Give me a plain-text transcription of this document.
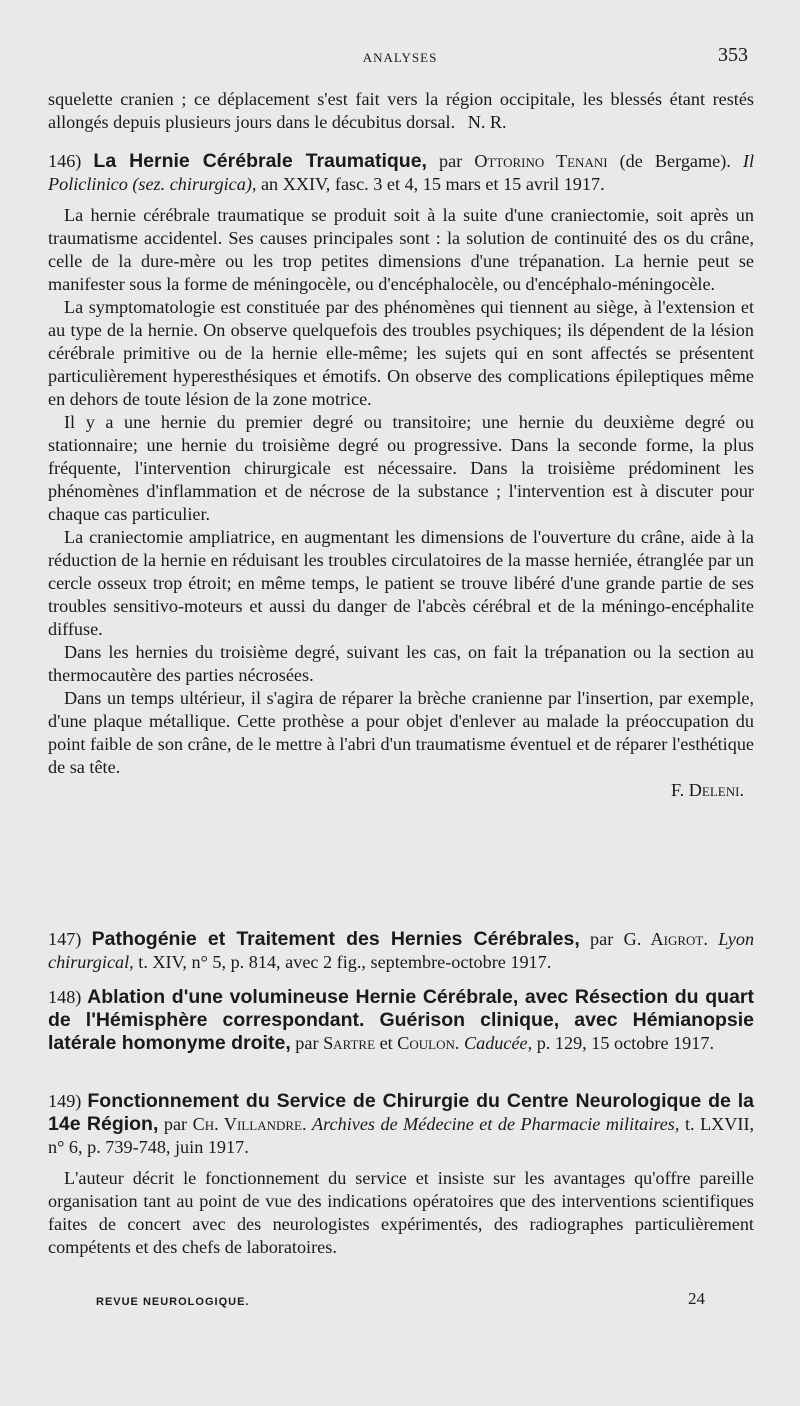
ANALYSES	353
squelette cranien ; ce déplacement s'est fait vers la région occipitale, les blessés étant restés allongés depuis plusieurs jours dans le décubitus dorsal. N. R.
146) La Hernie Cérébrale Traumatique, par Ottorino Tenani (de Bergame). Il Policlinico (sez. chirurgica), an XXIV, fasc. 3 et 4, 15 mars et 15 avril 1917.
La hernie cérébrale traumatique se produit soit à la suite d'une craniectomie, soit après un traumatisme accidentel. Ses causes principales sont : la solution de continuité des os du crâne, celle de la dure-mère ou les trop petites dimensions d'une trépanation. La hernie peut se manifester sous la forme de méningocèle, ou d'encéphalocèle, ou d'encéphalo-méningocèle.
La symptomatologie est constituée par des phénomènes qui tiennent au siège, à l'extension et au type de la hernie. On observe quelquefois des troubles psychiques; ils dépendent de la lésion cérébrale primitive ou de la hernie elle-même; les sujets qui en sont affectés se présentent particulièrement hyperesthésiques et émotifs. On observe des complications épileptiques même en dehors de toute lésion de la zone motrice.
Il y a une hernie du premier degré ou transitoire; une hernie du deuxième degré ou stationnaire; une hernie du troisième degré ou progressive. Dans la seconde forme, la plus fréquente, l'intervention chirurgicale est nécessaire. Dans la troisième prédominent les phénomènes d'inflammation et de nécrose de la substance ; l'intervention est à discuter pour chaque cas particulier.
La craniectomie ampliatrice, en augmentant les dimensions de l'ouverture du crâne, aide à la réduction de la hernie en réduisant les troubles circulatoires de la masse herniée, étranglée par un cercle osseux trop étroit; en même temps, le patient se trouve libéré d'une grande partie de ses troubles sensitivo-moteurs et aussi du danger de l'abcès cérébral et de la méningo-encéphalite diffuse.
Dans les hernies du troisième degré, suivant les cas, on fait la trépanation ou la section au thermocautère des parties nécrosées.
Dans un temps ultérieur, il s'agira de réparer la brèche cranienne par l'insertion, par exemple, d'une plaque métallique. Cette prothèse a pour objet d'enlever au malade la préoccupation du point faible de son crâne, de le mettre à l'abri d'un traumatisme éventuel et de réparer l'esthétique de sa tête.
F. Deleni.
147) Pathogénie et Traitement des Hernies Cérébrales, par G. Aigrot. Lyon chirurgical, t. XIV, n° 5, p. 814, avec 2 fig., septembre-octobre 1917.
148) Ablation d'une volumineuse Hernie Cérébrale, avec Résection du quart de l'Hémisphère correspondant. Guérison clinique, avec Hémianopsie latérale homonyme droite, par Sartre et Coulon. Caducée, p. 129, 15 octobre 1917.
149) Fonctionnement du Service de Chirurgie du Centre Neurologique de la 14e Région, par Ch. Villandre. Archives de Médecine et de Pharmacie militaires, t. LXVII, n° 6, p. 739-748, juin 1917.
L'auteur décrit le fonctionnement du service et insiste sur les avantages qu'offre pareille organisation tant au point de vue des indications opératoires que des interventions scientifiques faites de concert avec des neurologistes expérimentés, des radiographes particulièrement compétents et des chefs de laboratoires.
REVUE NEUROLOGIQUE.	24
